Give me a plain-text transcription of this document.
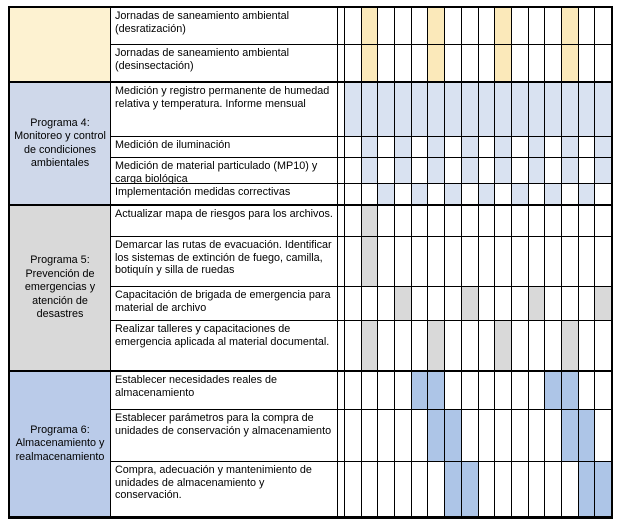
Jornadas de saneamiento ambiental (desratización)
Jornadas de saneamiento ambiental (desinsectación)
Programa 4: Monitoreo y control de condiciones ambientales
Medición y registro permanente de humedad relativa y temperatura. Informe mensual
Medición de iluminación
Medición de material particulado (MP10) y carga biológica
Implementación medidas correctivas
Programa 5: Prevención de emergencias y atención de desastres
Actualizar mapa de riesgos para los archivos.
Demarcar las rutas de evacuación. Identificar los sistemas de extinción de fuego, camilla, botiquín y silla de ruedas
Capacitación de brigada de emergencia para material de archivo
Realizar talleres y capacitaciones de emergencia aplicada al material documental.
Programa 6: Almacenamiento y realmacenamiento
Establecer necesidades reales de almacenamiento
Establecer parámetros para la compra de unidades de conservación y almacenamiento
Compra, adecuación y mantenimiento de unidades de almacenamiento y conservación.
